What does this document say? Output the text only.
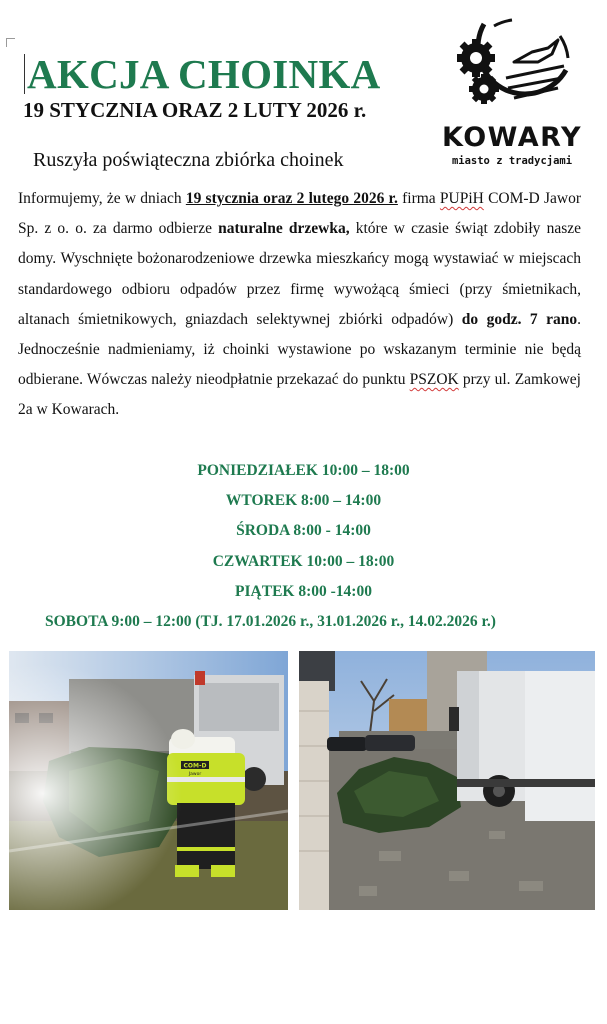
AKCJA CHOINKA
19 STYCZNIA ORAZ 2 LUTY 2026 r.
Ruszyła poświąteczna zbiórka choinek
KOWARY
miasto z tradycjami

Informujemy, że w dniach 19 stycznia oraz 2 lutego 2026 r. firma PUPiH COM-D Jawor Sp. z o. o. za darmo odbierze naturalne drzewka, które w czasie świąt zdobiły nasze domy. Wyschnięte bożonarodzeniowe drzewka mieszkańcy mogą wystawiać w miejscach standardowego odbioru odpadów przez firmę wywożącą śmieci (przy śmietnikach, altanach śmietnikowych, gniazdach selektywnej zbiórki odpadów) do godz. 7 rano. Jednocześnie nadmieniamy, iż choinki wystawione po wskazanym terminie nie będą odbierane. Wówczas należy nieodpłatnie przekazać do punktu PSZOK przy ul. Zamkowej 2a w Kowarach.

PONIEDZIAŁEK 10:00 – 18:00
WTOREK 8:00 – 14:00
ŚRODA 8:00 - 14:00
CZWARTEK 10:00 – 18:00
PIĄTEK 8:00 -14:00
SOBOTA 9:00 – 12:00 (TJ. 17.01.2026 r., 31.01.2026 r., 14.02.2026 r.)
